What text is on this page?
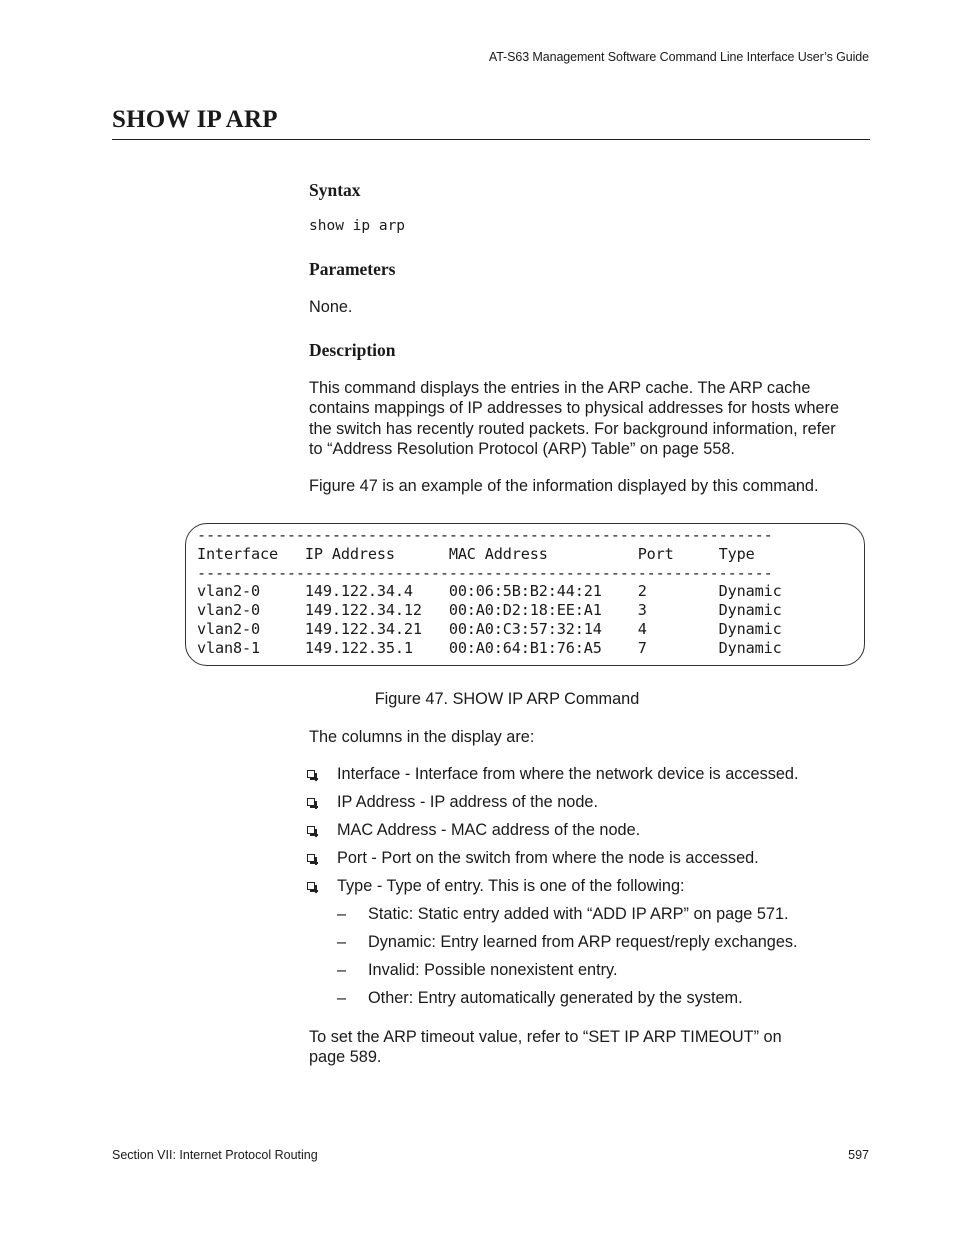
AT-S63 Management Software Command Line Interface User’s Guide
SHOW IP ARP
Syntax
show ip arp
Parameters
None.
Description
This command displays the entries in the ARP cache. The ARP cache
contains mappings of IP addresses to physical addresses for hosts where
the switch has recently routed packets. For background information, refer
to “Address Resolution Protocol (ARP) Table” on page 558.
Figure 47 is an example of the information displayed by this command.
----------------------------------------------------------------
Interface   IP Address      MAC Address          Port     Type
----------------------------------------------------------------
vlan2-0     149.122.34.4    00:06:5B:B2:44:21    2        Dynamic
vlan2-0     149.122.34.12   00:A0:D2:18:EE:A1    3        Dynamic
vlan2-0     149.122.34.21   00:A0:C3:57:32:14    4        Dynamic
vlan8-1     149.122.35.1    00:A0:64:B1:76:A5    7        Dynamic

Figure 47. SHOW IP ARP Command
The columns in the display are:
Interface - Interface from where the network device is accessed.
IP Address - IP address of the node.
MAC Address - MAC address of the node.
Port - Port on the switch from where the node is accessed.
Type - Type of entry. This is one of the following:
– Static: Static entry added with “ADD IP ARP” on page 571.
– Dynamic: Entry learned from ARP request/reply exchanges.
– Invalid: Possible nonexistent entry.
– Other: Entry automatically generated by the system.
To set the ARP timeout value, refer to “SET IP ARP TIMEOUT” on
page 589.
Section VII: Internet Protocol Routing	597
